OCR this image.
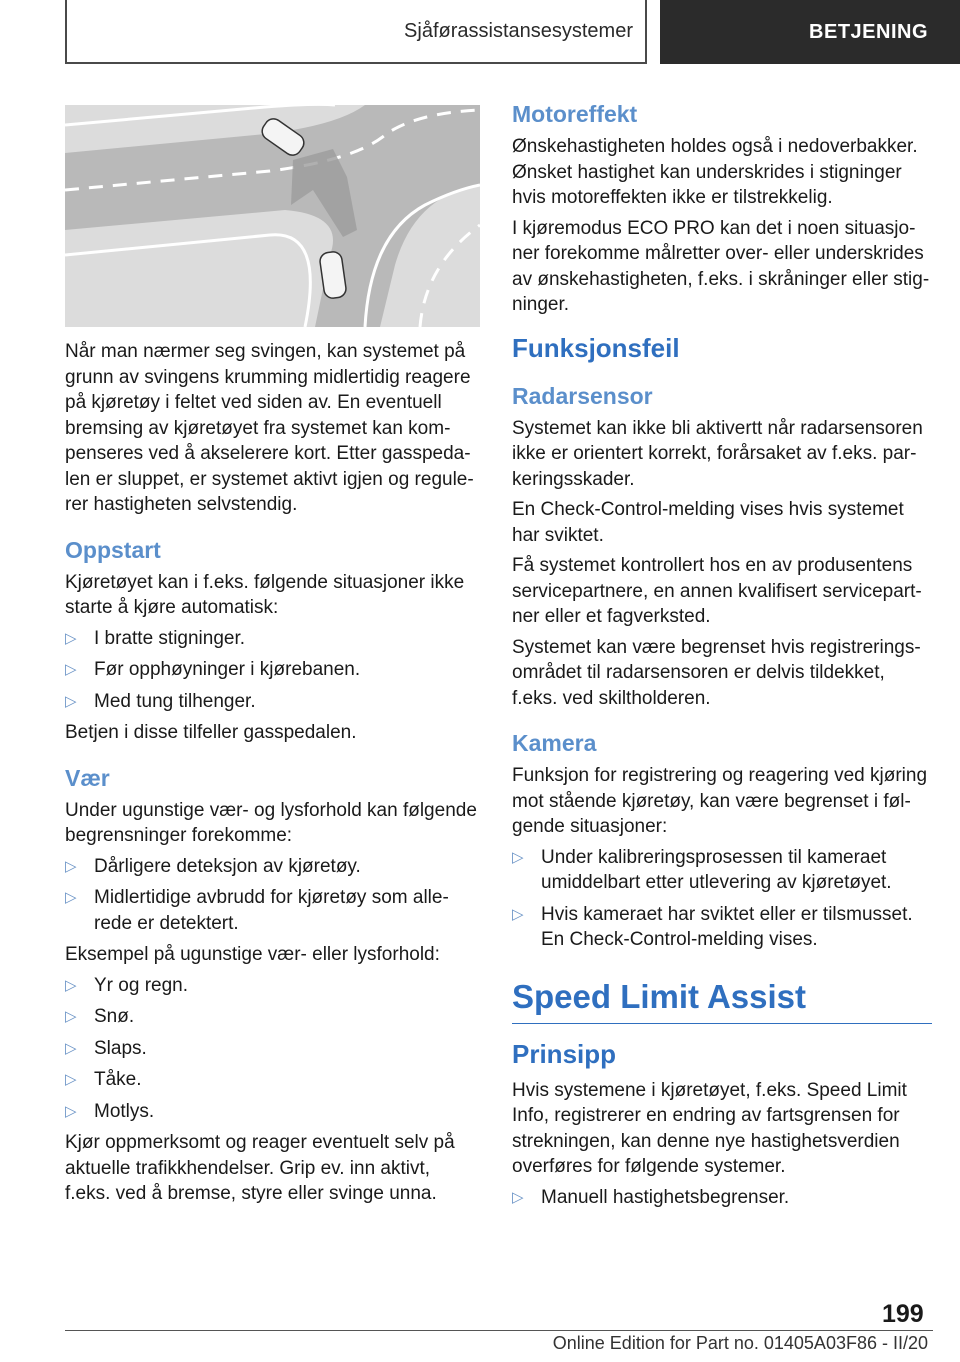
Sjåførassistansesystemer	BETJENING

Når man nærmer seg svingen, kan systemet på grunn av svingens krumming midlertidig reagere på kjøretøy i feltet ved siden av. En eventuell bremsing av kjøretøyet fra systemet kan kompenseres ved å akselerere kort. Etter gasspedalen er sluppet, er systemet aktivt igjen og regulerer hastigheten selvstendig.

Oppstart

Kjøretøyet kan i f.eks. følgende situasjoner ikke starte å kjøre automatisk:

▷ I bratte stigninger.
▷ Før opphøyninger i kjørebanen.
▷ Med tung tilhenger.

Betjen i disse tilfeller gasspedalen.

Vær

Under ugunstige vær- og lysforhold kan følgende begrensninger forekomme:

▷ Dårligere deteksjon av kjøretøy.
▷ Midlertidige avbrudd for kjøretøy som allerede er detektert.

Eksempel på ugunstige vær- eller lysforhold:

▷ Yr og regn.
▷ Snø.
▷ Slaps.
▷ Tåke.
▷ Motlys.

Kjør oppmerksomt og reager eventuelt selv på aktuelle trafikkhendelser. Grip ev. inn aktivt, f.eks. ved å bremse, styre eller svinge unna.

Motoreffekt

Ønskehastigheten holdes også i nedoverbakker. Ønsket hastighet kan underskrides i stigninger hvis motoreffekten ikke er tilstrekkelig.

I kjøremodus ECO PRO kan det i noen situasjoner forekomme målretter over- eller underskrides av ønskehastigheten, f.eks. i skråninger eller stigninger.

Funksjonsfeil
Radarsensor

Systemet kan ikke bli aktivertt når radarsensoren ikke er orientert korrekt, forårsaket av f.eks. parkeringsskader.

En Check-Control-melding vises hvis systemet har sviktet.

Få systemet kontrollert hos en av produsentens servicepartnere, en annen kvalifisert servicepartner eller et fagverksted.

Systemet kan være begrenset hvis registreringsområdet til radarsensoren er delvis tildekket, f.eks. ved skiltholderen.

Kamera

Funksjon for registrering og reagering ved kjøring mot stående kjøretøy, kan være begrenset i følgende situasjoner:

▷ Under kalibreringsprosessen til kameraet umiddelbart etter utlevering av kjøretøyet.
▷ Hvis kameraet har sviktet eller er tilsmusset. En Check-Control-melding vises.
Speed Limit Assist
Prinsipp

Hvis systemene i kjøretøyet, f.eks. Speed Limit Info, registrerer en endring av fartsgrensen for strekningen, kan denne nye hastighetsverdien overføres for følgende systemer.

▷ Manuell hastighetsbegrenser.
199
Online Edition for Part no. 01405A03F86 - II/20
